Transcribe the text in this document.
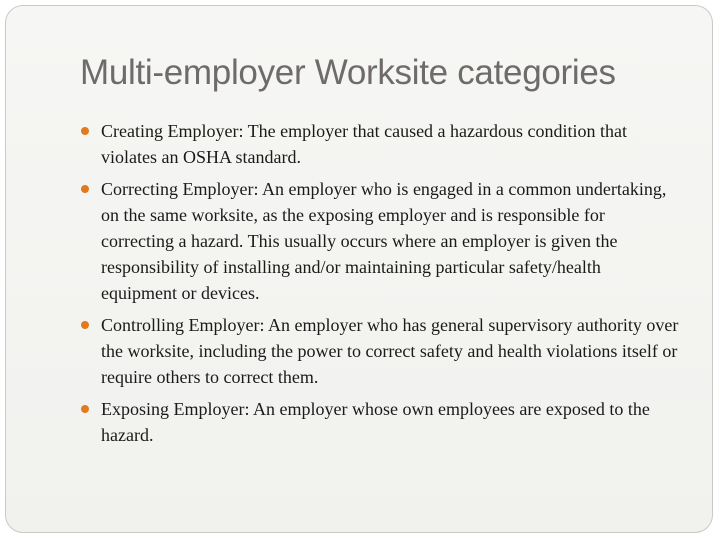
Multi-employer Worksite categories
Creating Employer: The employer that caused a hazardous condition that violates an OSHA standard.
Correcting Employer: An employer who is engaged in a common undertaking, on the same worksite, as the exposing employer and is responsible for correcting a hazard. This usually occurs where an employer is given the responsibility of installing and/or maintaining particular safety/health equipment or devices.
Controlling Employer: An employer who has general supervisory authority over the worksite, including the power to correct safety and health violations itself or require others to correct them.
Exposing Employer: An employer whose own employees are exposed to the hazard.
